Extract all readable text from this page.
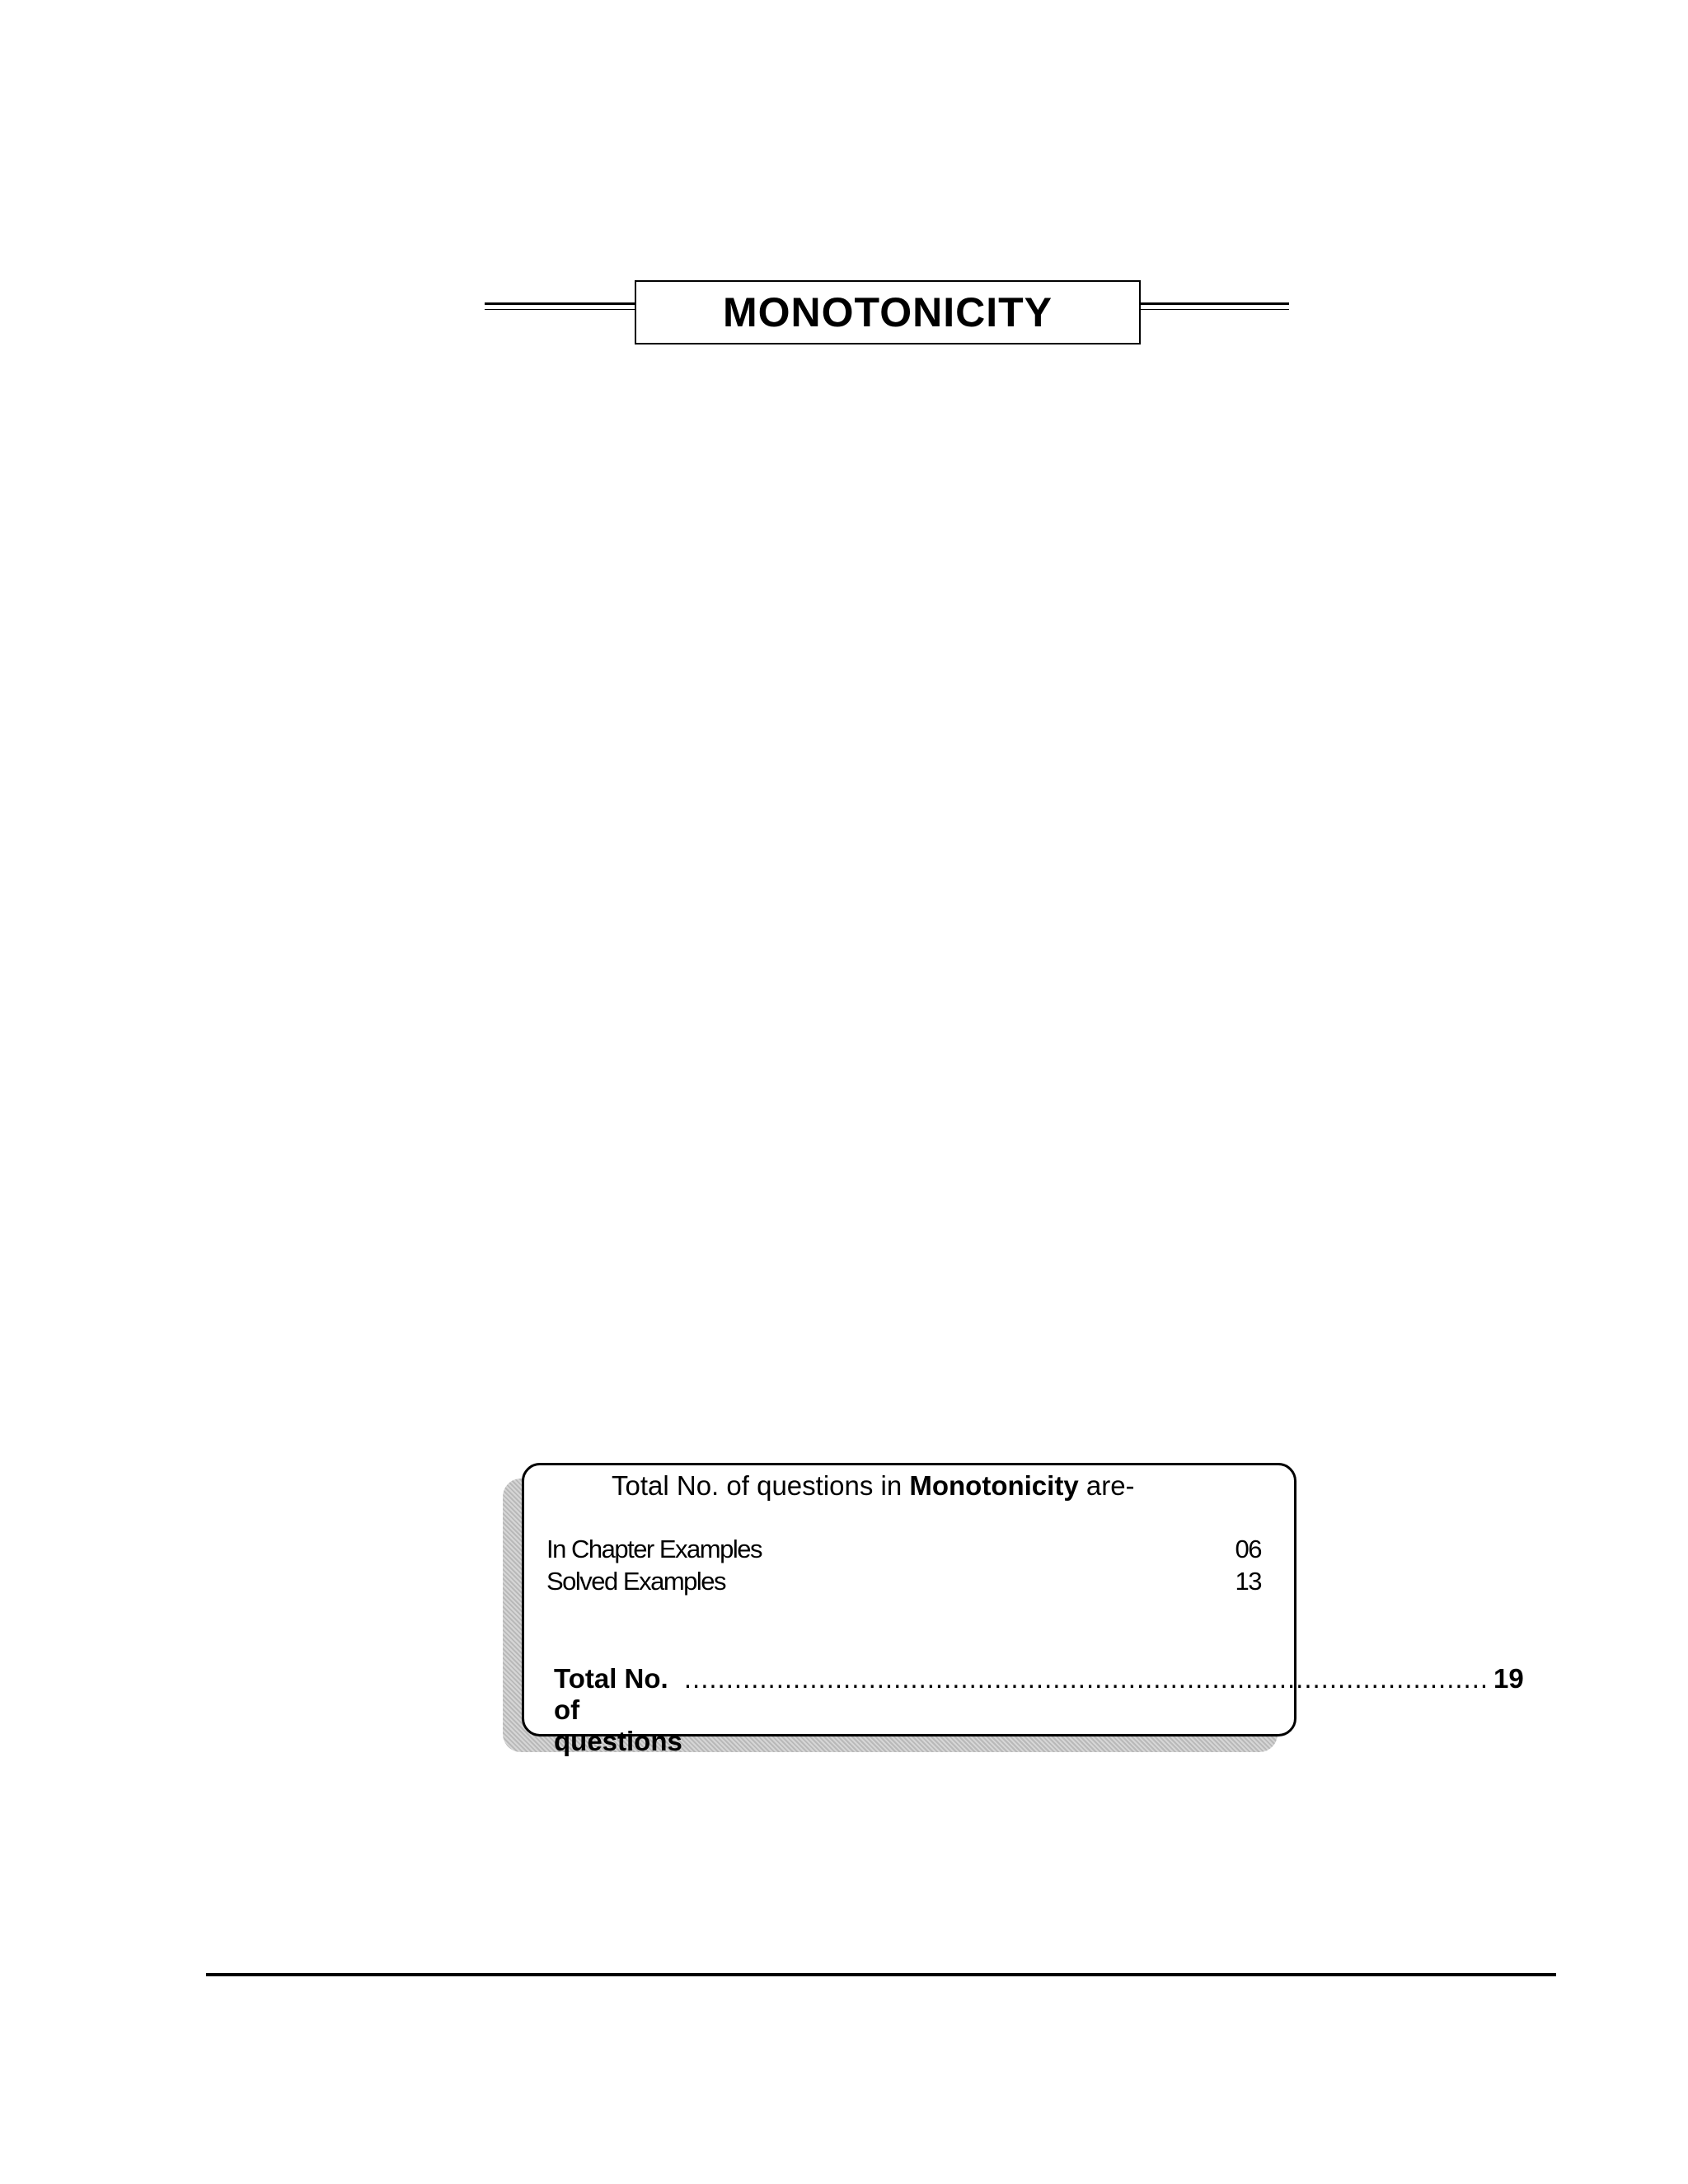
MONOTONICITY
Total No. of questions in Monotonicity are-
In Chapter Examples	06
Solved Examples	13
Total No. of questions
................................................................................................ 19
